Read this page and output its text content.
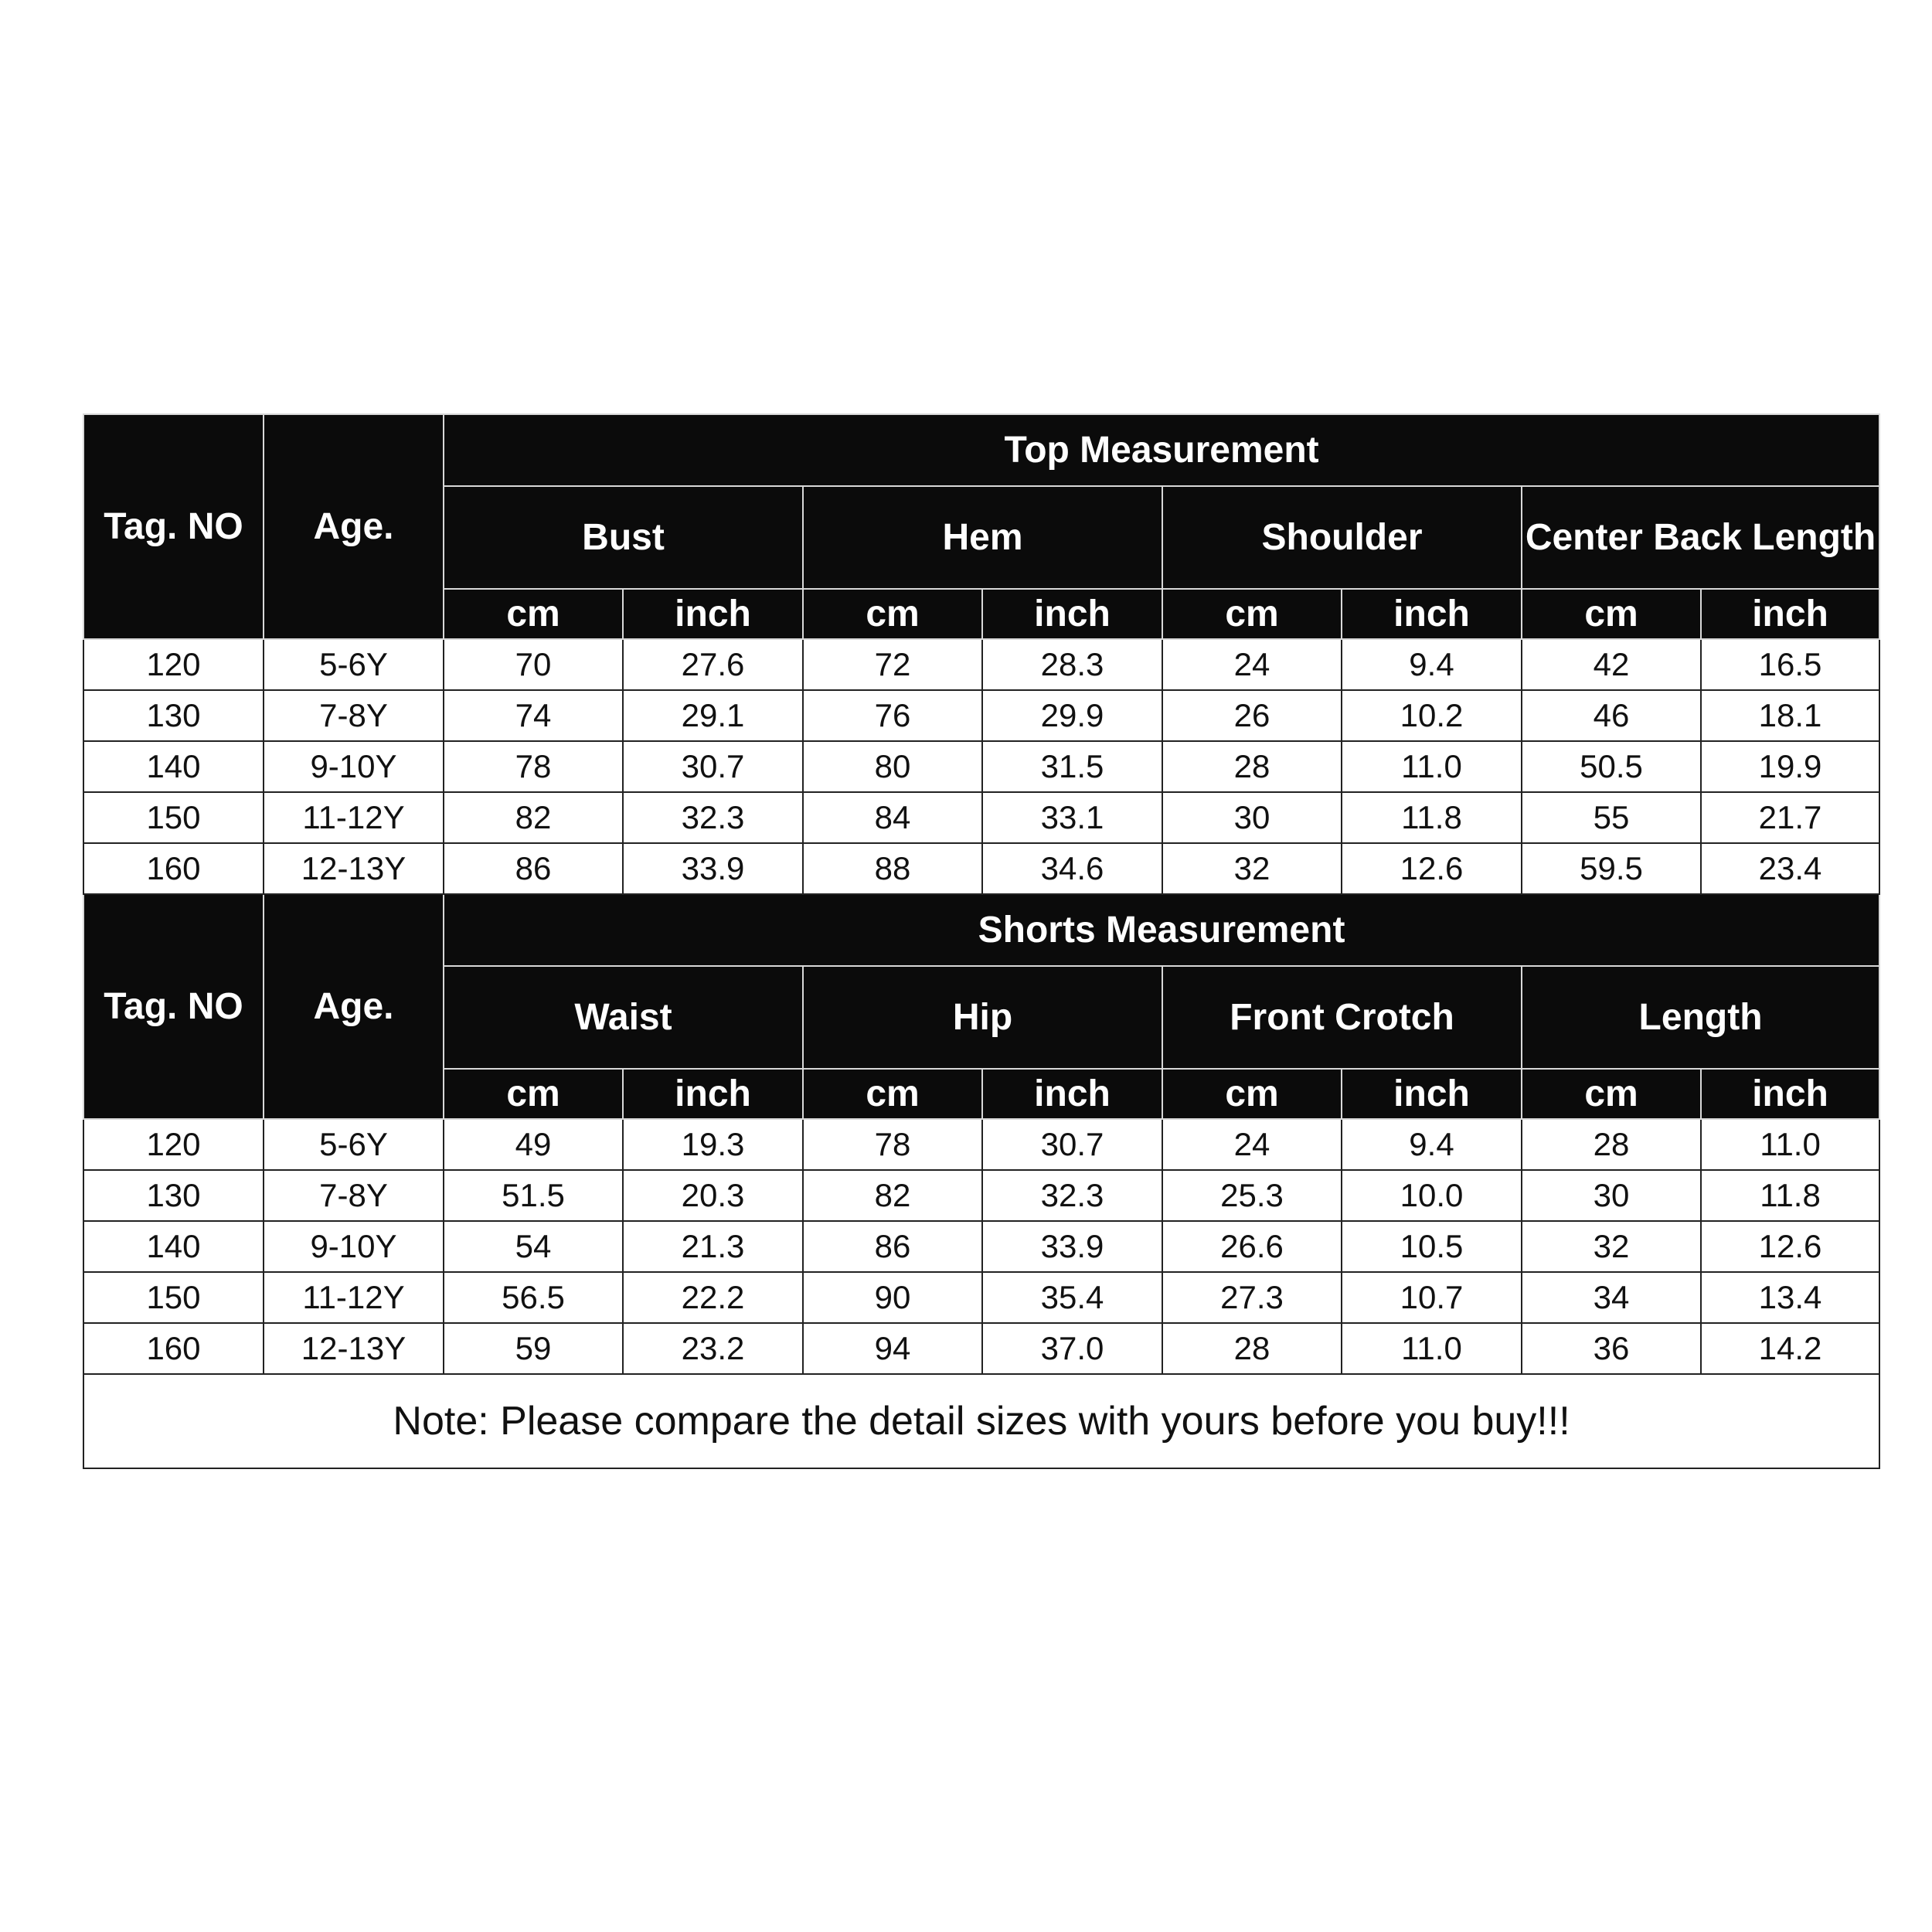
Tag. NO	Age.	Top Measurement							
		Bust		Hem		Shoulder		Center Back Length	
		cm	inch	cm	inch	cm	inch	cm	inch
120	5-6Y	70	27.6	72	28.3	24	9.4	42	16.5
130	7-8Y	74	29.1	76	29.9	26	10.2	46	18.1
140	9-10Y	78	30.7	80	31.5	28	11.0	50.5	19.9
150	11-12Y	82	32.3	84	33.1	30	11.8	55	21.7
160	12-13Y	86	33.9	88	34.6	32	12.6	59.5	23.4
Tag. NO	Age.	Shorts Measurement							
		Waist		Hip		Front Crotch		Length	
		cm	inch	cm	inch	cm	inch	cm	inch
120	5-6Y	49	19.3	78	30.7	24	9.4	28	11.0
130	7-8Y	51.5	20.3	82	32.3	25.3	10.0	30	11.8
140	9-10Y	54	21.3	86	33.9	26.6	10.5	32	12.6
150	11-12Y	56.5	22.2	90	35.4	27.3	10.7	34	13.4
160	12-13Y	59	23.2	94	37.0	28	11.0	36	14.2
Note: Please compare the detail sizes with yours before you buy!!!									
